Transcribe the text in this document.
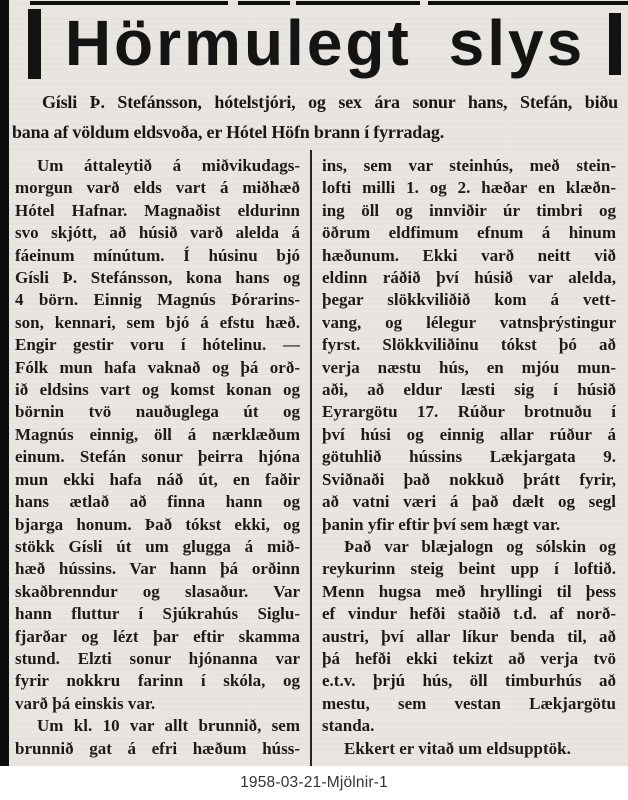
Hörmulegt slys
Gísli Þ. Stefánsson, hótelstjóri, og sex ára sonur hans, Stefán, biðu
bana af völdum eldsvoða, er Hótel Höfn brann í fyrradag.
Um áttaleytið á miðvikudags-
morgun varð elds vart á miðhæð
Hótel Hafnar. Magnaðist eldurinn
svo skjótt, að húsið varð alelda á
fáeinum mínútum. Í húsinu bjó
Gísli Þ. Stefánsson, kona hans og
4 börn. Einnig Magnús Þórarins-
son, kennari, sem bjó á efstu hæð.
Engir gestir voru í hótelinu. —
Fólk mun hafa vaknað og þá orð-
ið eldsins vart og komst konan og
börnin tvö nauðuglega út og
Magnús einnig, öll á nærklæðum
einum. Stefán sonur þeirra hjóna
mun ekki hafa náð út, en faðir
hans ætlað að finna hann og
bjarga honum. Það tókst ekki, og
stökk Gísli út um glugga á mið-
hæð hússins. Var hann þá orðinn
skaðbrenndur og slasaður. Var
hann fluttur í Sjúkrahús Siglu-
fjarðar og lézt þar eftir skamma
stund. Elzti sonur hjónanna var
fyrir nokkru farinn í skóla, og
varð þá einskis var.
Um kl. 10 var allt brunnið, sem
brunnið gat á efri hæðum húss-
ins, sem var steinhús, með stein-
lofti milli 1. og 2. hæðar en klæðn-
ing öll og innviðir úr timbri og
öðrum eldfimum efnum á hinum
hæðunum. Ekki varð neitt við
eldinn ráðið því húsið var alelda,
þegar slökkviliðið kom á vett-
vang, og lélegur vatnsþrýstingur
fyrst. Slökkviliðinu tókst þó að
verja næstu hús, en mjóu mun-
aði, að eldur læsti sig í húsið
Eyrargötu 17. Rúður brotnuðu í
því húsi og einnig allar rúður á
götuhlið hússins Lækjargata 9.
Sviðnaði það nokkuð þrátt fyrir,
að vatni væri á það dælt og segl
þanin yfir eftir því sem hægt var.
Það var blæjalogn og sólskin og
reykurinn steig beint upp í loftið.
Menn hugsa með hryllingi til þess
ef vindur hefði staðið t.d. af norð-
austri, því allar líkur benda til, að
þá hefði ekki tekizt að verja tvö
e.t.v. þrjú hús, öll timburhús að
mestu, sem vestan Lækjargötu
standa.
Ekkert er vitað um eldsupptök.
1958-03-21-Mjölnir-1
